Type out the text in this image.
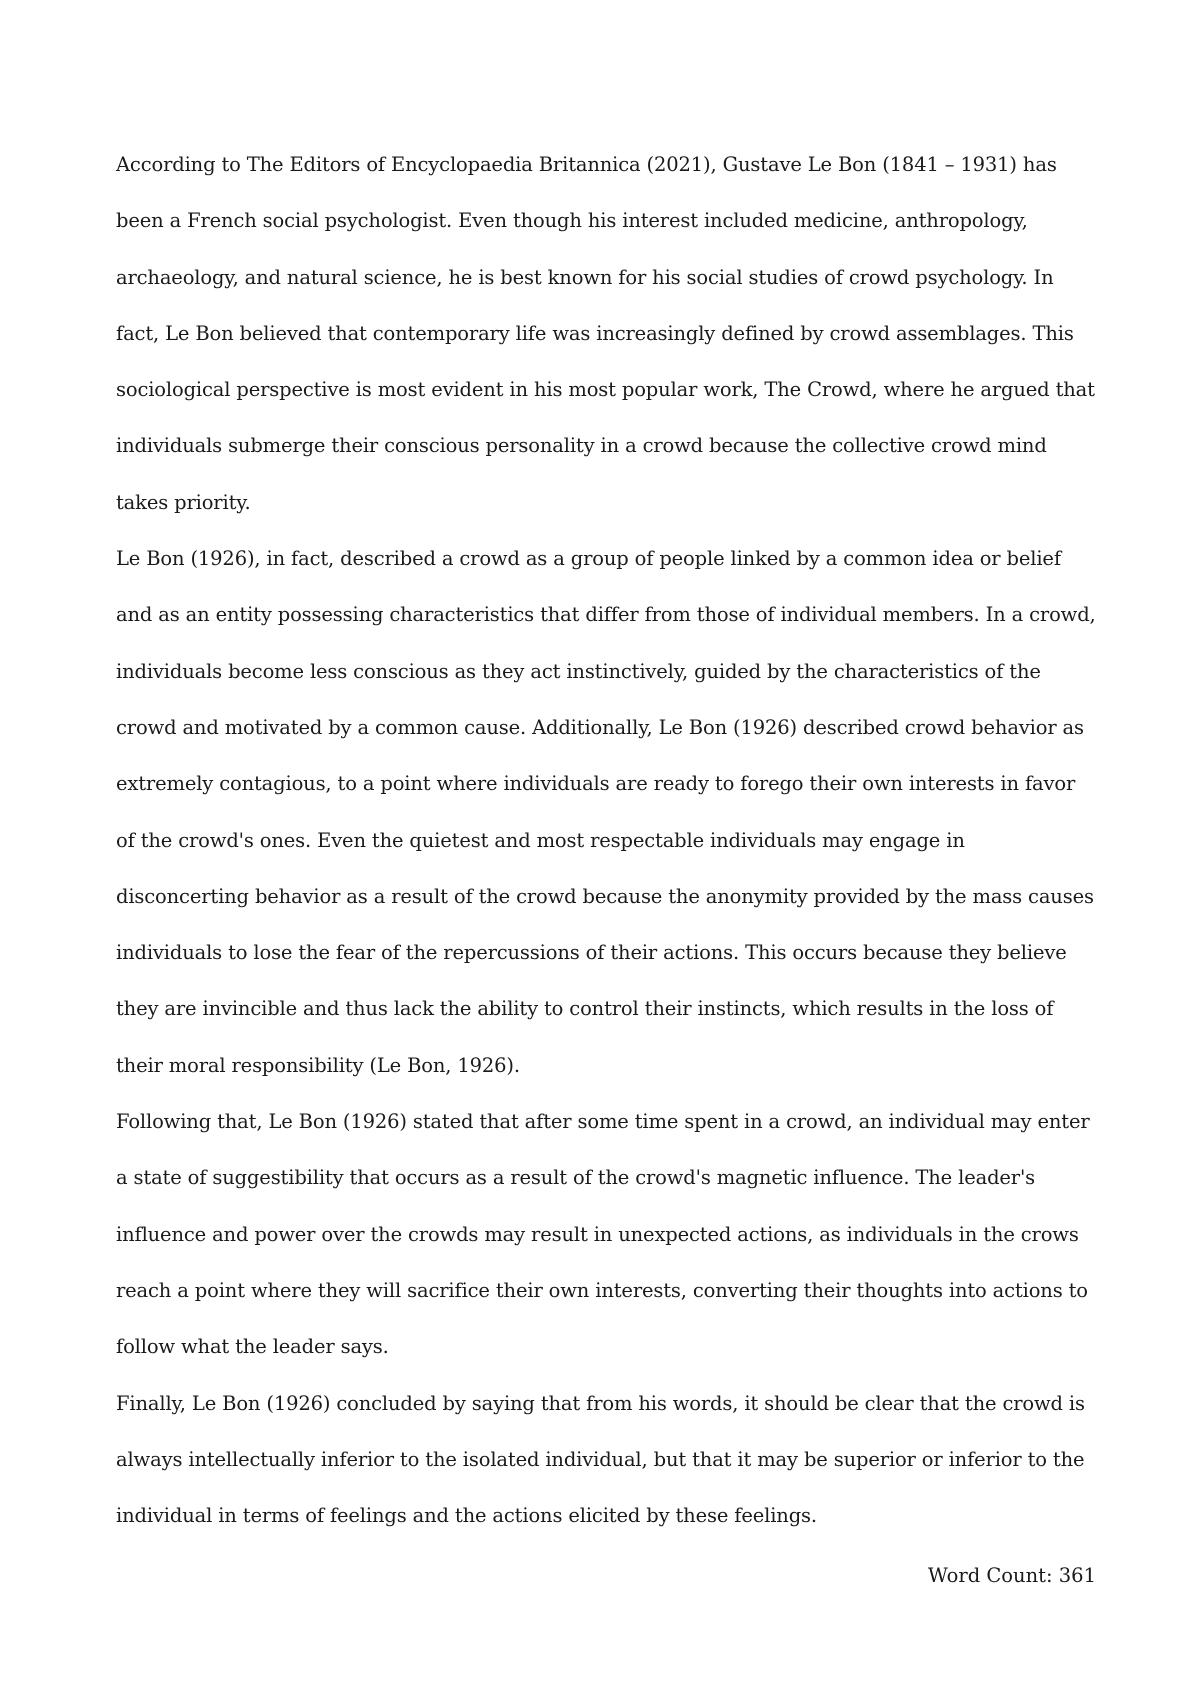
According to The Editors of Encyclopaedia Britannica (2021), Gustave Le Bon (1841 – 1931) has been a French social psychologist. Even though his interest included medicine, anthropology, archaeology, and natural science, he is best known for his social studies of crowd psychology. In fact, Le Bon believed that contemporary life was increasingly defined by crowd assemblages. This sociological perspective is most evident in his most popular work, The Crowd, where he argued that individuals submerge their conscious personality in a crowd because the collective crowd mind takes priority.

Le Bon (1926), in fact, described a crowd as a group of people linked by a common idea or belief and as an entity possessing characteristics that differ from those of individual members. In a crowd, individuals become less conscious as they act instinctively, guided by the characteristics of the crowd and motivated by a common cause. Additionally, Le Bon (1926) described crowd behavior as extremely contagious, to a point where individuals are ready to forego their own interests in favor of the crowd's ones. Even the quietest and most respectable individuals may engage in disconcerting behavior as a result of the crowd because the anonymity provided by the mass causes individuals to lose the fear of the repercussions of their actions. This occurs because they believe they are invincible and thus lack the ability to control their instincts, which results in the loss of their moral responsibility (Le Bon, 1926).

Following that, Le Bon (1926) stated that after some time spent in a crowd, an individual may enter a state of suggestibility that occurs as a result of the crowd's magnetic influence. The leader's influence and power over the crowds may result in unexpected actions, as individuals in the crows reach a point where they will sacrifice their own interests, converting their thoughts into actions to follow what the leader says.

Finally, Le Bon (1926) concluded by saying that from his words, it should be clear that the crowd is always intellectually inferior to the isolated individual, but that it may be superior or inferior to the individual in terms of feelings and the actions elicited by these feelings.

Word Count: 361
